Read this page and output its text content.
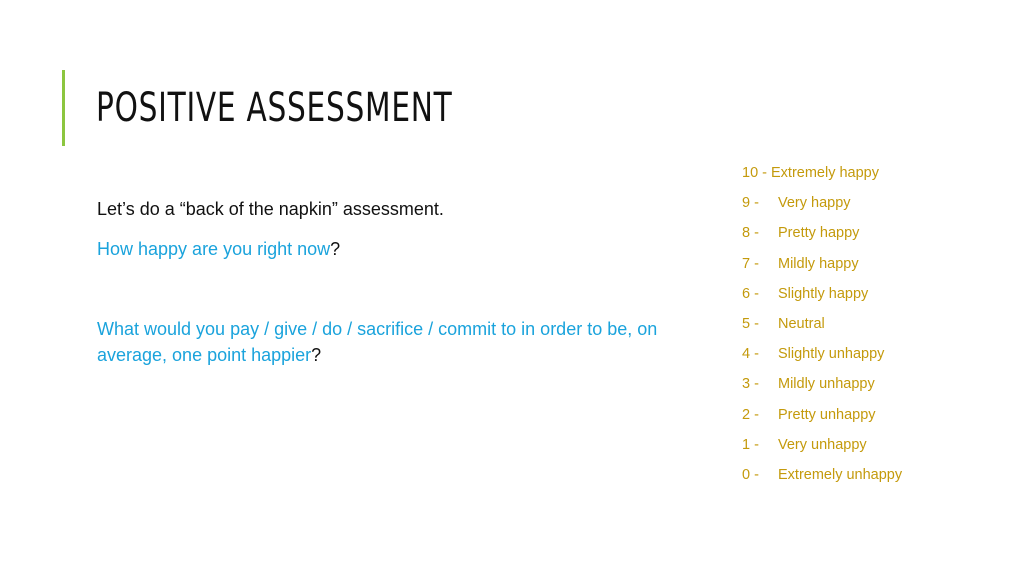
POSITIVE ASSESSMENT

Let’s do a “back of the napkin” assessment.

How happy are you right now?

What would you pay / give / do / sacrifice / commit to in order to be, on average, one point happier?

10 - Extremely happy
9 -	Very happy
8 -	Pretty happy
7 -	Mildly happy
6 -	Slightly happy
5 -	Neutral
4 -	Slightly unhappy
3 -	Mildly unhappy
2 -	Pretty unhappy
1 -	Very unhappy
0 -	Extremely unhappy
